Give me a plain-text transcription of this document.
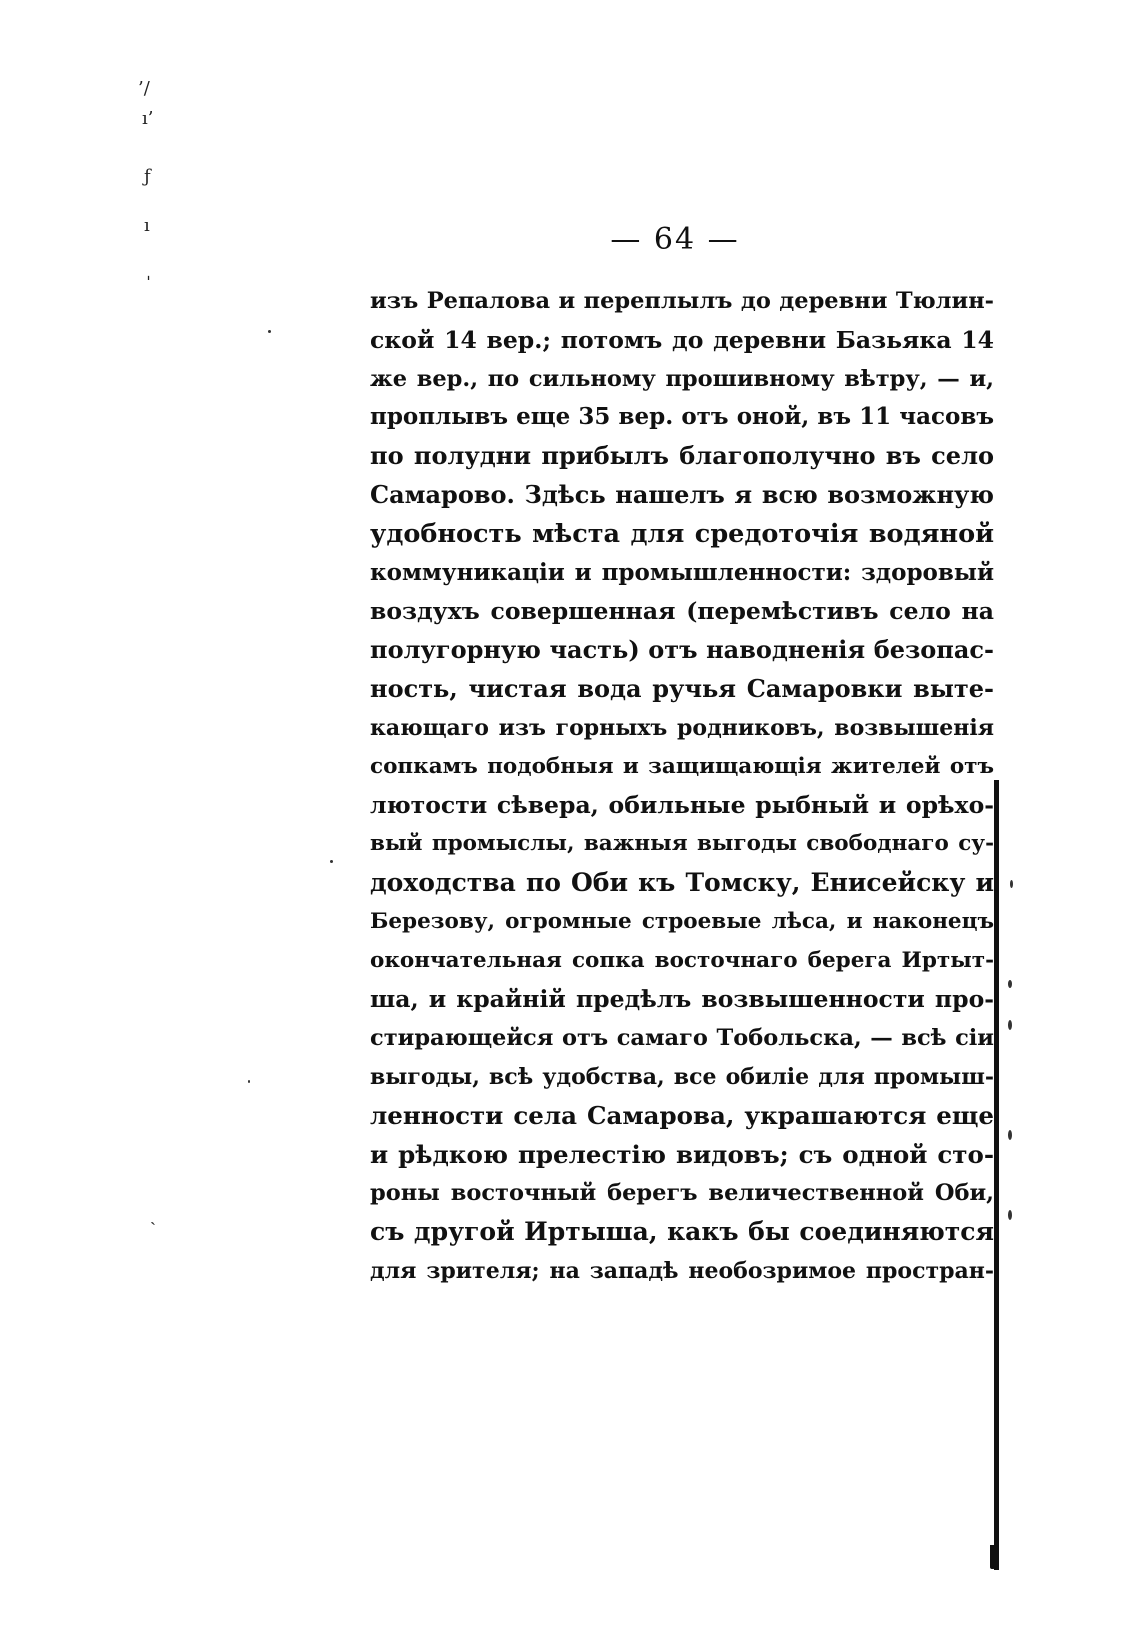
’/
ı’
ƒ
ı
ˌ
ˏ
— 64 —
изъ Репалова и переплылъ до деревни Тюлин-
ской 14 вер.; потомъ до деревни Базьяка 14
же вер., по сильному прошивному вѣтру, — и,
проплывъ еще 35 вер. отъ оной, въ 11 часовъ
по полудни прибылъ благополучно въ село
Самарово. Здѣсь нашелъ я всю возможную
удобность мѣста для средоточія водяной
коммуникаціи и промышленности: здоровый
воздухъ совершенная (перемѣстивъ село на
полугорную часть) отъ наводненія безопас-
ность, чистая вода ручья Самаровки выте-
кающаго изъ горныхъ родниковъ, возвышенія
сопкамъ подобныя и защищающія жителей отъ
лютости сѣвера, обильные рыбный и орѣхо-
вый промыслы, важныя выгоды свободнаго су-
доходства по Оби къ Томску, Енисейску и
Березову, огромные строевые лѣса, и наконецъ
окончательная сопка восточнаго берега Иртыт-
ша, и крайній предѣлъ возвышенности про-
стирающейся отъ самаго Тобольска, — всѣ сіи
выгоды, всѣ удобства, все обиліе для промыш-
ленности села Самарова, украшаются еще
и рѣдкою прелестію видовъ; съ одной сто-
роны восточный берегъ величественной Оби,
съ другой Иртыша, какъ бы соединяются
для зрителя; на западѣ необозримое простран-
